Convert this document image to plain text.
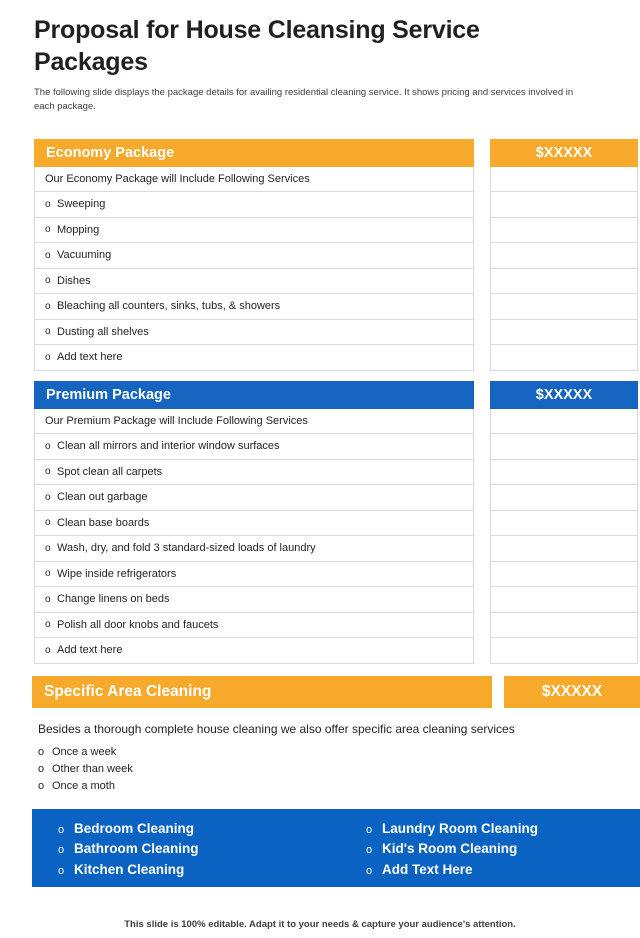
Proposal for House Cleansing Service Packages
The following slide displays the package details for availing residential cleaning service. It shows pricing and services involved in each package.
Economy Package
Our Economy Package will Include Following Services
o Sweeping
o Mopping
o Vacuuming
o Dishes
o Bleaching all counters, sinks, tubs, & showers
o Dusting all shelves
o Add text here
$XXXXX
Premium Package
Our Premium Package will Include Following Services
o Clean all mirrors and interior window surfaces
o Spot clean all carpets
o Clean out garbage
o Clean base boards
o Wash, dry, and fold 3 standard-sized loads of laundry
o Wipe inside refrigerators
o Change linens on beds
o Polish all door knobs and faucets
o Add text here
$XXXXX
Specific Area Cleaning	$XXXXX
Besides a thorough complete house cleaning we also offer specific area cleaning services
o Once a week
o Other than week
o Once a moth
o Bedroom Cleaning
o Bathroom Cleaning
o Kitchen Cleaning
o Laundry Room Cleaning
o Kid's Room Cleaning
o Add Text Here
This slide is 100% editable. Adapt it to your needs & capture your audience's attention.
